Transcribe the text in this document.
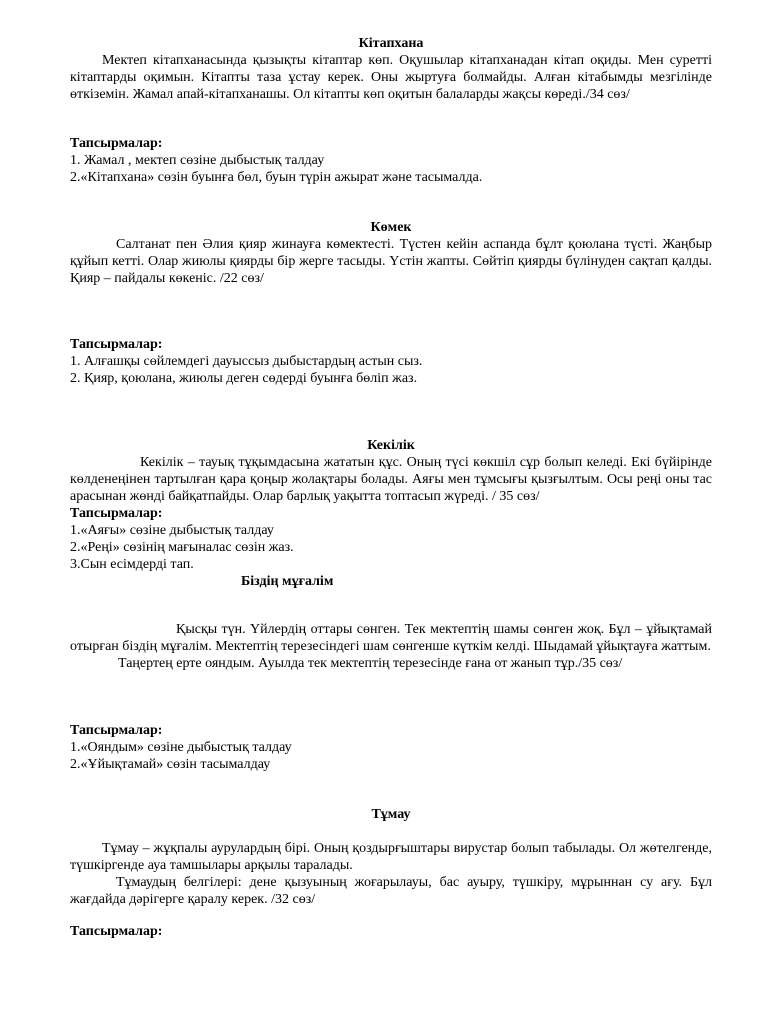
Кітапхана

Мектеп кітапханасында қызықты кітаптар көп. Оқушылар кітапханадан кітап оқиды. Мен суретті кітаптарды оқимын. Кітапты таза ұстау керек. Оны жыртуға болмайды. Алған кітабымды мезгілінде өткіземін. Жамал апай-кітапханашы. Ол кітапты көп оқитын балаларды жақсы көреді./34 сөз/

Тапсырмалар:

1. Жамал , мектеп сөзіне дыбыстық талдау

2.«Кітапхана» сөзін буынға бөл, буын түрін ажырат және тасымалда.

Көмек

Салтанат пен Әлия қияр жинауға көмектесті. Түстен кейін аспанда бұлт қоюлана түсті. Жаңбыр құйып кетті. Олар жиюлы қиярды бір жерге тасыды. Үстін жапты. Сөйтіп қиярды бүлінуден сақтап қалды. Қияр – пайдалы көкеніс. /22 сөз/

Тапсырмалар:

1. Алғашқы сөйлемдегі дауыссыз дыбыстардың астын сыз.

2. Қияр, қоюлана, жиюлы деген сөдерді буынға бөліп жаз.

Кекілік

Кекілік – тауық тұқымдасына жататын құс. Оның түсі көкшіл сұр болып келеді. Екі бүйірінде көлденеңінен тартылған қара қоңыр жолақтары болады. Аяғы мен тұмсығы қызғылтым. Осы реңі оны тас арасынан жөнді байқатпайды. Олар барлық уақытта топтасып жүреді. / 35 сөз/

Тапсырмалар:

1.«Аяғы» сөзіне дыбыстық талдау

2.«Реңі» сөзінің мағыналас сөзін жаз.

3.Сын есімдерді тап.

Біздің мұғалім

Қысқы түн. Үйлердің оттары сөнген. Тек мектептің шамы сөнген жоқ. Бұл – ұйықтамай отырған біздің мұғалім. Мектептің терезесіндегі шам сөнгенше күткім келді. Шыдамай ұйықтауға жаттым.

Таңертең ерте ояндым. Ауылда тек мектептің терезесінде ғана от жанып тұр./35 сөз/

Тапсырмалар:

1.«Ояндым» сөзіне дыбыстық талдау

2.«Ұйықтамай» сөзін тасымалдау

Тұмау

Тұмау – жұқпалы аурулардың бірі. Оның қоздырғыштары вирустар болып табылады. Ол жөтелгенде, түшкіргенде ауа тамшылары арқылы таралады.

Тұмаудың белгілері: дене қызуының жоғарылауы, бас ауыру, түшкіру, мұрыннан су ағу. Бұл жағдайда дәрігерге қаралу керек. /32 сөз/

Тапсырмалар:
